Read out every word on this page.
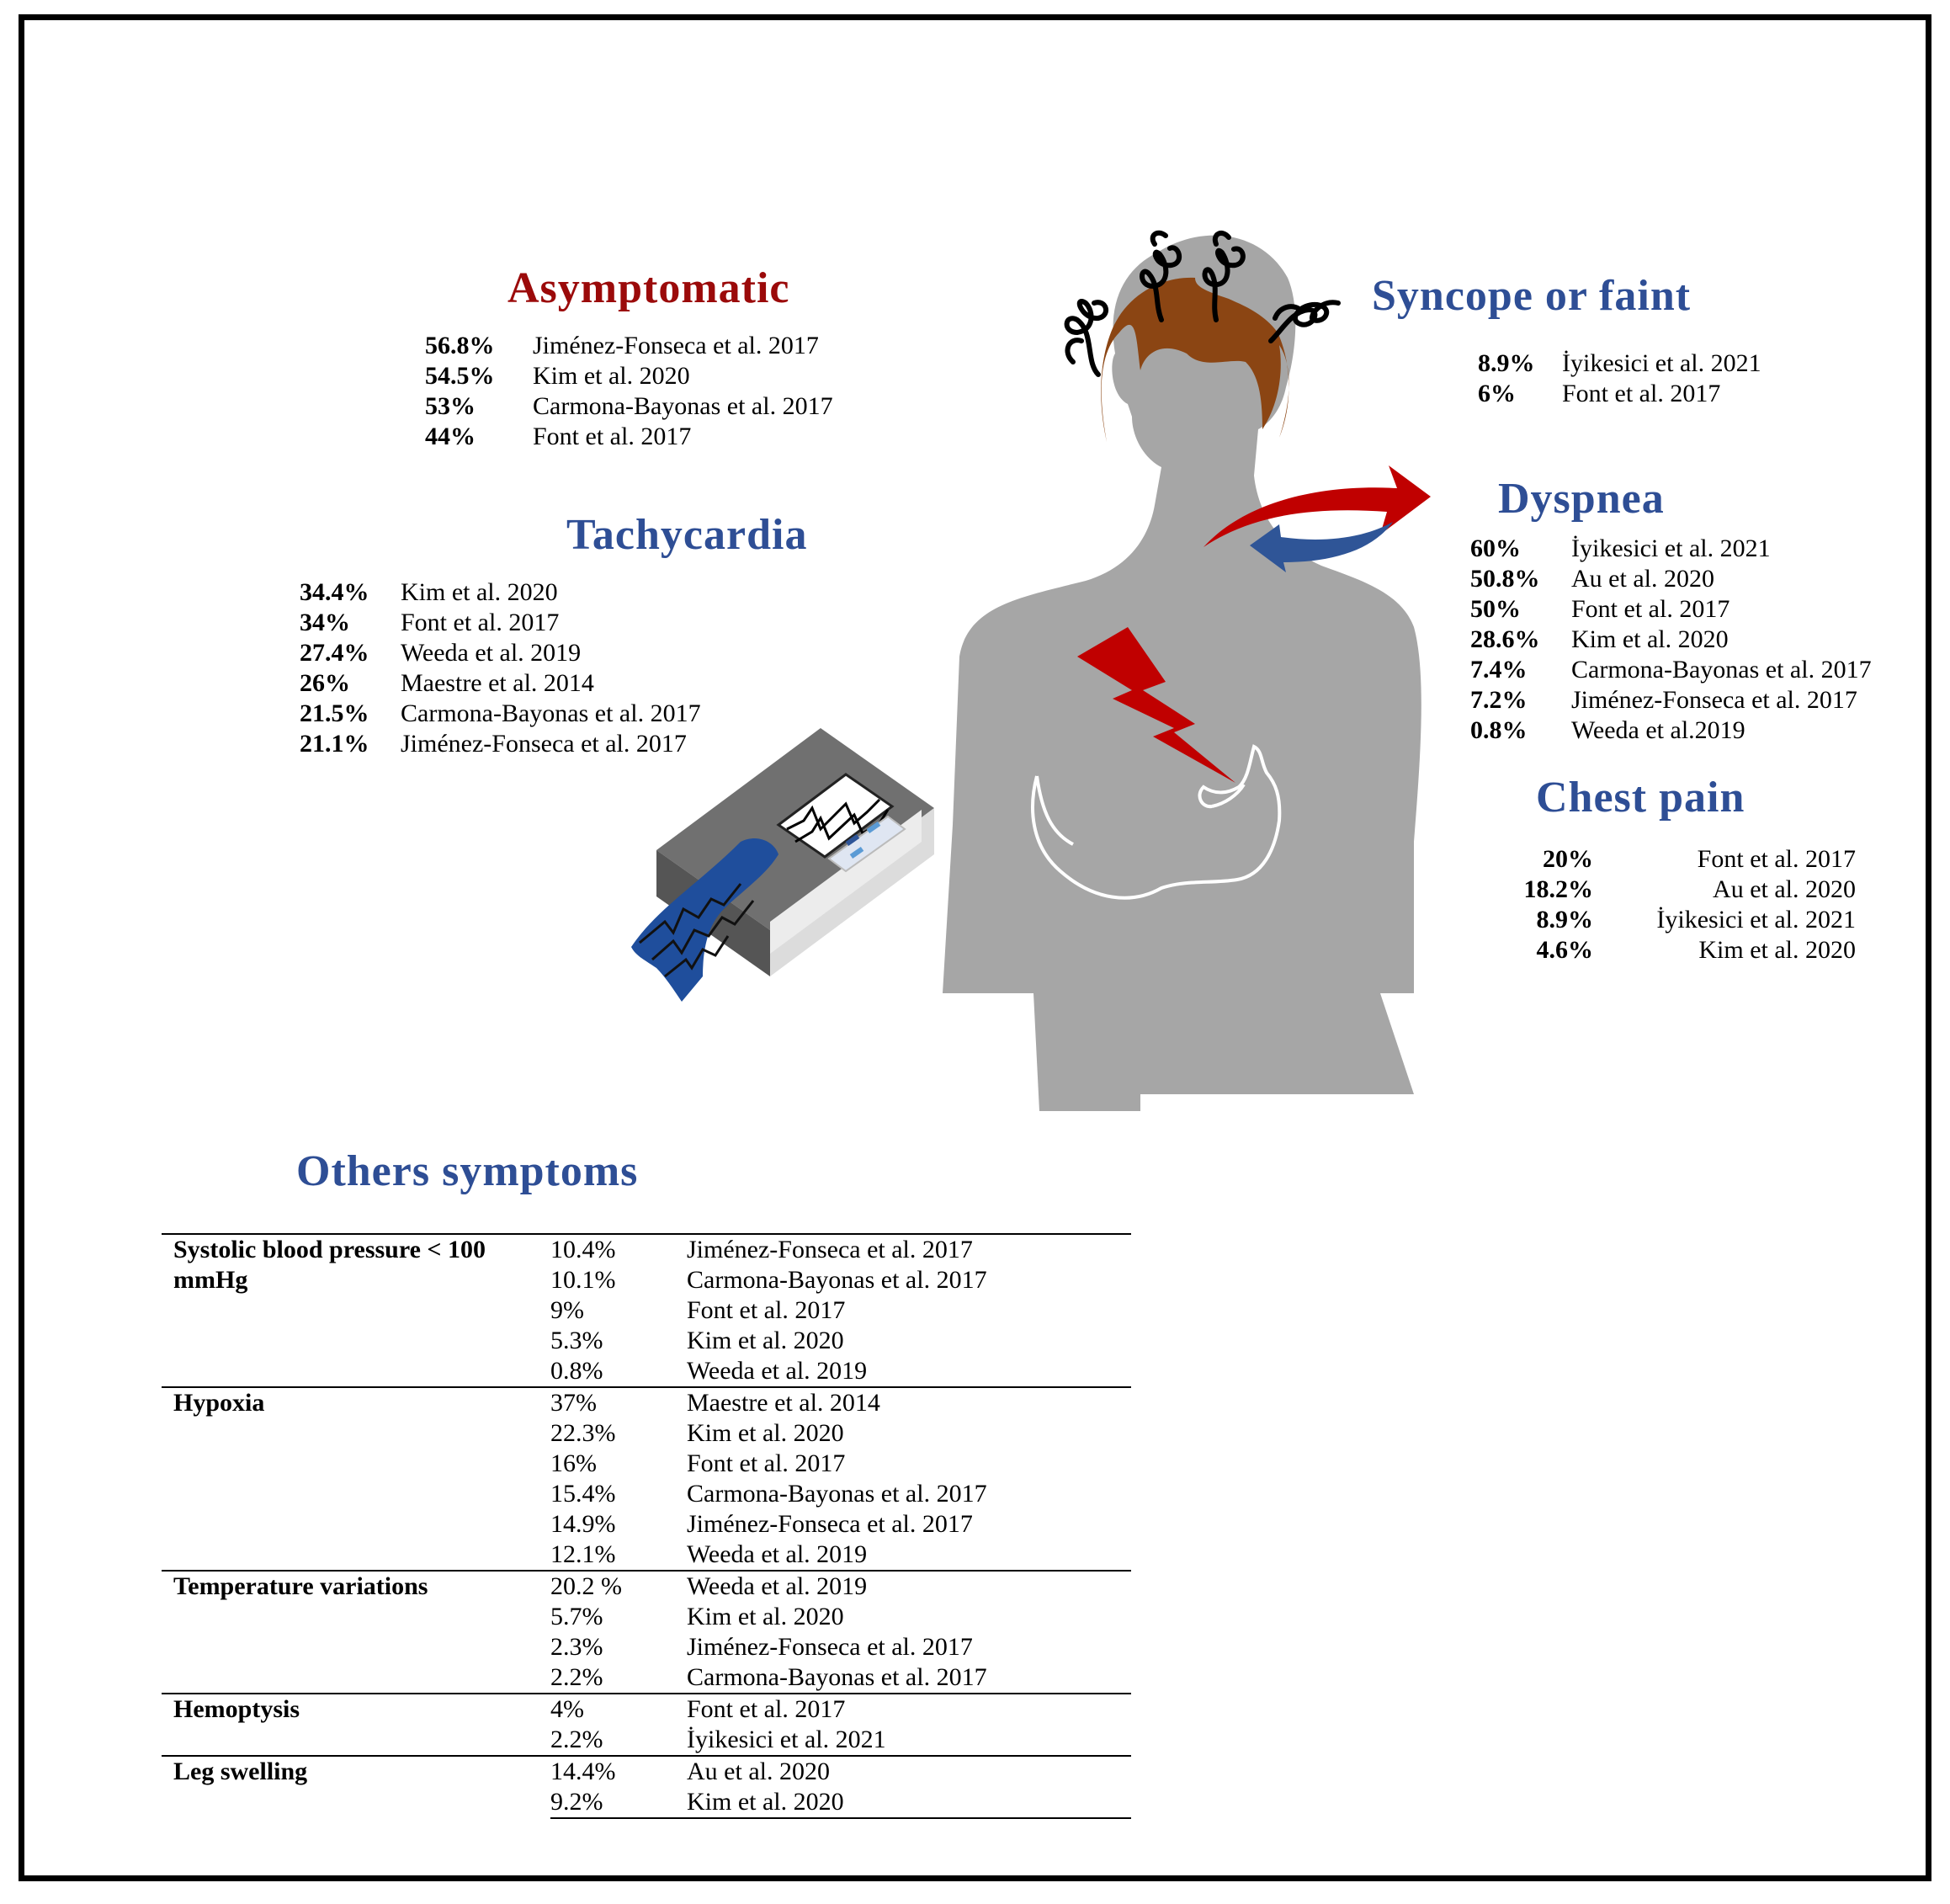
Asymptomatic
56.8% Jiménez-Fonseca et al. 2017
54.5% Kim et al. 2020
53% Carmona-Bayonas et al. 2017
44% Font et al. 2017
Tachycardia
34.4% Kim et al. 2020
34% Font et al. 2017
27.4% Weeda et al. 2019
26% Maestre et al. 2014
21.5% Carmona-Bayonas et al. 2017
21.1% Jiménez-Fonseca et al. 2017
Syncope or faint
8.9% İyikesici et al. 2021
6% Font et al. 2017
Dyspnea
60% İyikesici et al. 2021
50.8% Au et al. 2020
50% Font et al. 2017
28.6% Kim et al. 2020
7.4% Carmona-Bayonas et al. 2017
7.2% Jiménez-Fonseca et al. 2017
0.8% Weeda et al.2019
Chest pain
20%	Font et al. 2017
18.2%	Au et al. 2020
8.9%	İyikesici et al. 2021
4.6%	Kim et al. 2020
Others symptoms
Systolic blood pressure < 100 mmHg	10.4%	Jiménez-Fonseca et al. 2017
	10.1%	Carmona-Bayonas et al. 2017
	9%	Font et al. 2017
	5.3%	Kim et al. 2020
	0.8%	Weeda et al. 2019
Hypoxia	37%	Maestre et al. 2014
	22.3%	Kim et al. 2020
	16%	Font et al. 2017
	15.4%	Carmona-Bayonas et al. 2017
	14.9%	Jiménez-Fonseca et al. 2017
	12.1%	Weeda et al. 2019
Temperature variations	20.2 %	Weeda et al. 2019
	5.7%	Kim et al. 2020
	2.3%	Jiménez-Fonseca et al. 2017
	2.2%	Carmona-Bayonas et al. 2017
Hemoptysis	4%	Font et al. 2017
	2.2%	İyikesici et al. 2021
Leg swelling	14.4%	Au et al. 2020
	9.2%	Kim et al. 2020
